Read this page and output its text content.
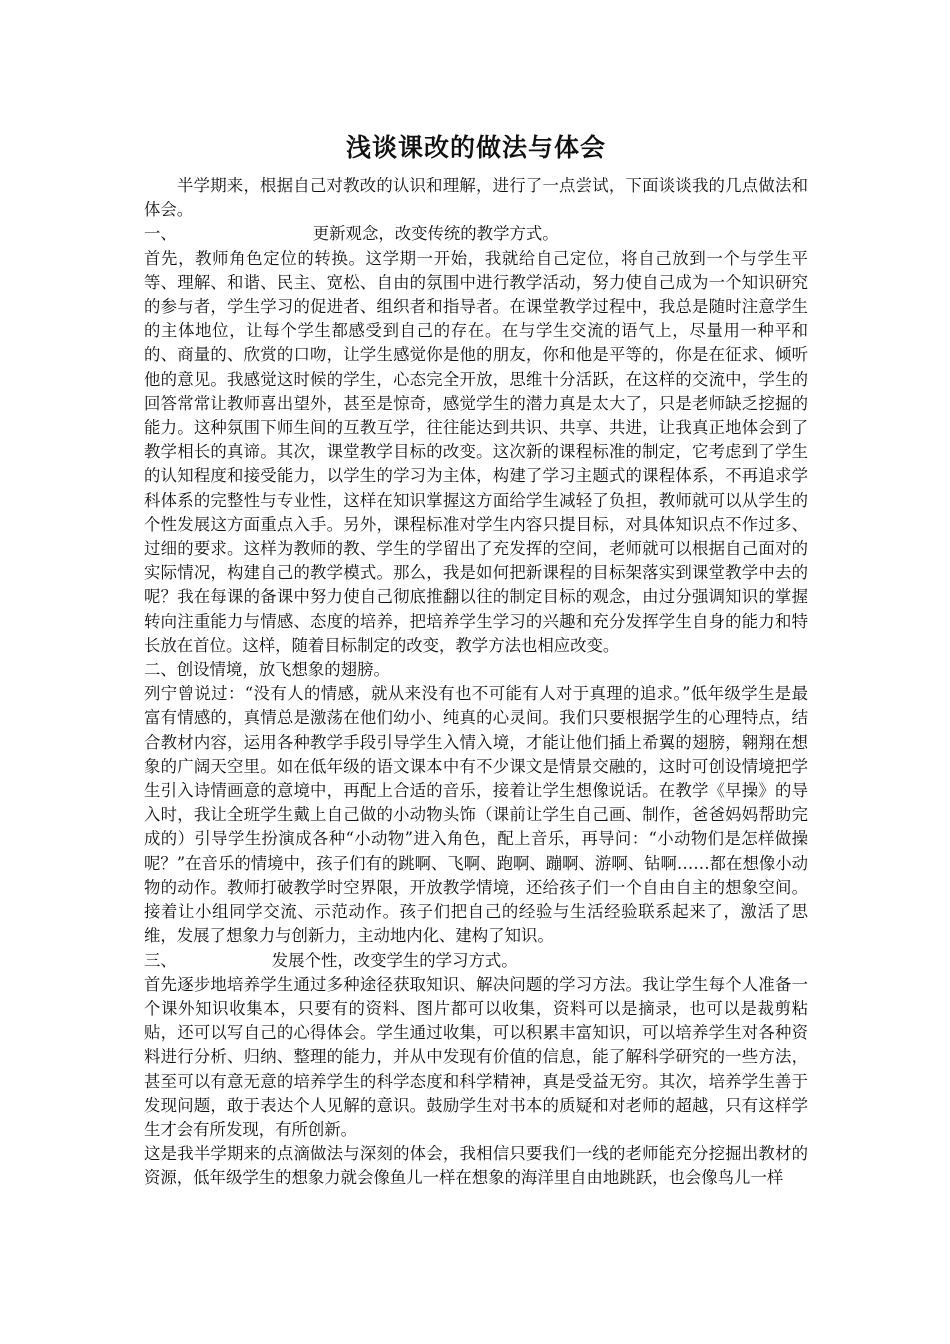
浅谈课改的做法与体会

半学期来，根据自己对教改的认识和理解，进行了一点尝试，下面谈谈我的几点做法和体会。

一、	更新观念，改变传统的教学方式。

首先，教师角色定位的转换。这学期一开始，我就给自己定位，将自己放到一个与学生平等、理解、和谐、民主、宽松、自由的氛围中进行教学活动，努力使自己成为一个知识研究的参与者，学生学习的促进者、组织者和指导者。在课堂教学过程中，我总是随时注意学生的主体地位，让每个学生都感受到自己的存在。在与学生交流的语气上，尽量用一种平和的、商量的、欣赏的口吻，让学生感觉你是他的朋友，你和他是平等的，你是在征求、倾听他的意见。我感觉这时候的学生，心态完全开放，思维十分活跃，在这样的交流中，学生的回答常常让教师喜出望外，甚至是惊奇，感觉学生的潜力真是太大了，只是老师缺乏挖掘的能力。这种氛围下师生间的互教互学，往往能达到共识、共享、共进，让我真正地体会到了教学相长的真谛。其次，课堂教学目标的改变。这次新的课程标准的制定，它考虑到了学生的认知程度和接受能力，以学生的学习为主体，构建了学习主题式的课程体系，不再追求学科体系的完整性与专业性，这样在知识掌握这方面给学生减轻了负担，教师就可以从学生的个性发展这方面重点入手。另外，课程标准对学生内容只提目标，对具体知识点不作过多、过细的要求。这样为教师的教、学生的学留出了充发挥的空间，老师就可以根据自己面对的实际情况，构建自己的教学模式。那么，我是如何把新课程的目标架落实到课堂教学中去的呢？我在每课的备课中努力使自己彻底推翻以往的制定目标的观念，由过分强调知识的掌握转向注重能力与情感、态度的培养，把培养学生学习的兴趣和充分发挥学生自身的能力和特长放在首位。这样，随着目标制定的改变，教学方法也相应改变。

二、创设情境，放飞想象的翅膀。

列宁曾说过：“没有人的情感，就从来没有也不可能有人对于真理的追求。”低年级学生是最富有情感的，真情总是激荡在他们幼小、纯真的心灵间。我们只要根据学生的心理特点，结合教材内容，运用各种教学手段引导学生入情入境，才能让他们插上希翼的翅膀，翱翔在想象的广阔天空里。如在低年级的语文课本中有不少课文是情景交融的，这时可创设情境把学生引入诗情画意的意境中，再配上合适的音乐，接着让学生想像说话。在教学《早操》的导入时，我让全班学生戴上自己做的小动物头饰（课前让学生自己画、制作，爸爸妈妈帮助完成的）引导学生扮演成各种“小动物”进入角色，配上音乐，再导问：“小动物们是怎样做操呢？”在音乐的情境中，孩子们有的跳啊、飞啊、跑啊、蹦啊、游啊、钻啊……都在想像小动物的动作。教师打破教学时空界限，开放教学情境，还给孩子们一个自由自主的想象空间。接着让小组同学交流、示范动作。孩子们把自己的经验与生活经验联系起来了，激活了思维，发展了想象力与创新力，主动地内化、建构了知识。

三、	发展个性，改变学生的学习方式。

首先逐步地培养学生通过多种途径获取知识、解决问题的学习方法。我让学生每个人准备一个课外知识收集本，只要有的资料、图片都可以收集，资料可以是摘录，也可以是裁剪粘贴，还可以写自己的心得体会。学生通过收集，可以积累丰富知识，可以培养学生对各种资料进行分析、归纳、整理的能力，并从中发现有价值的信息，能了解科学研究的一些方法，甚至可以有意无意的培养学生的科学态度和科学精神，真是受益无穷。其次，培养学生善于发现问题，敢于表达个人见解的意识。鼓励学生对书本的质疑和对老师的超越，只有这样学生才会有所发现，有所创新。

这是我半学期来的点滴做法与深刻的体会，我相信只要我们一线的老师能充分挖掘出教材的资源，低年级学生的想象力就会像鱼儿一样在想象的海洋里自由地跳跃，也会像鸟儿一样
